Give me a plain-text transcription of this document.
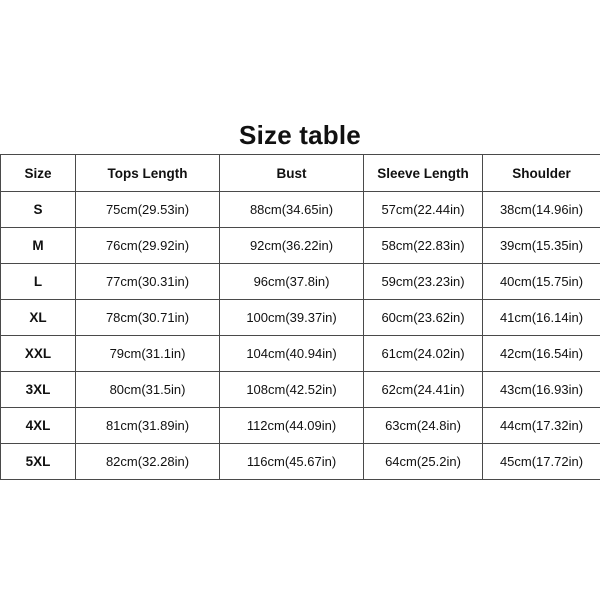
Size table
Size	Tops Length	Bust	Sleeve Length	Shoulder
S	75cm(29.53in)	88cm(34.65in)	57cm(22.44in)	38cm(14.96in)
M	76cm(29.92in)	92cm(36.22in)	58cm(22.83in)	39cm(15.35in)
L	77cm(30.31in)	96cm(37.8in)	59cm(23.23in)	40cm(15.75in)
XL	78cm(30.71in)	100cm(39.37in)	60cm(23.62in)	41cm(16.14in)
XXL	79cm(31.1in)	104cm(40.94in)	61cm(24.02in)	42cm(16.54in)
3XL	80cm(31.5in)	108cm(42.52in)	62cm(24.41in)	43cm(16.93in)
4XL	81cm(31.89in)	112cm(44.09in)	63cm(24.8in)	44cm(17.32in)
5XL	82cm(32.28in)	116cm(45.67in)	64cm(25.2in)	45cm(17.72in)
